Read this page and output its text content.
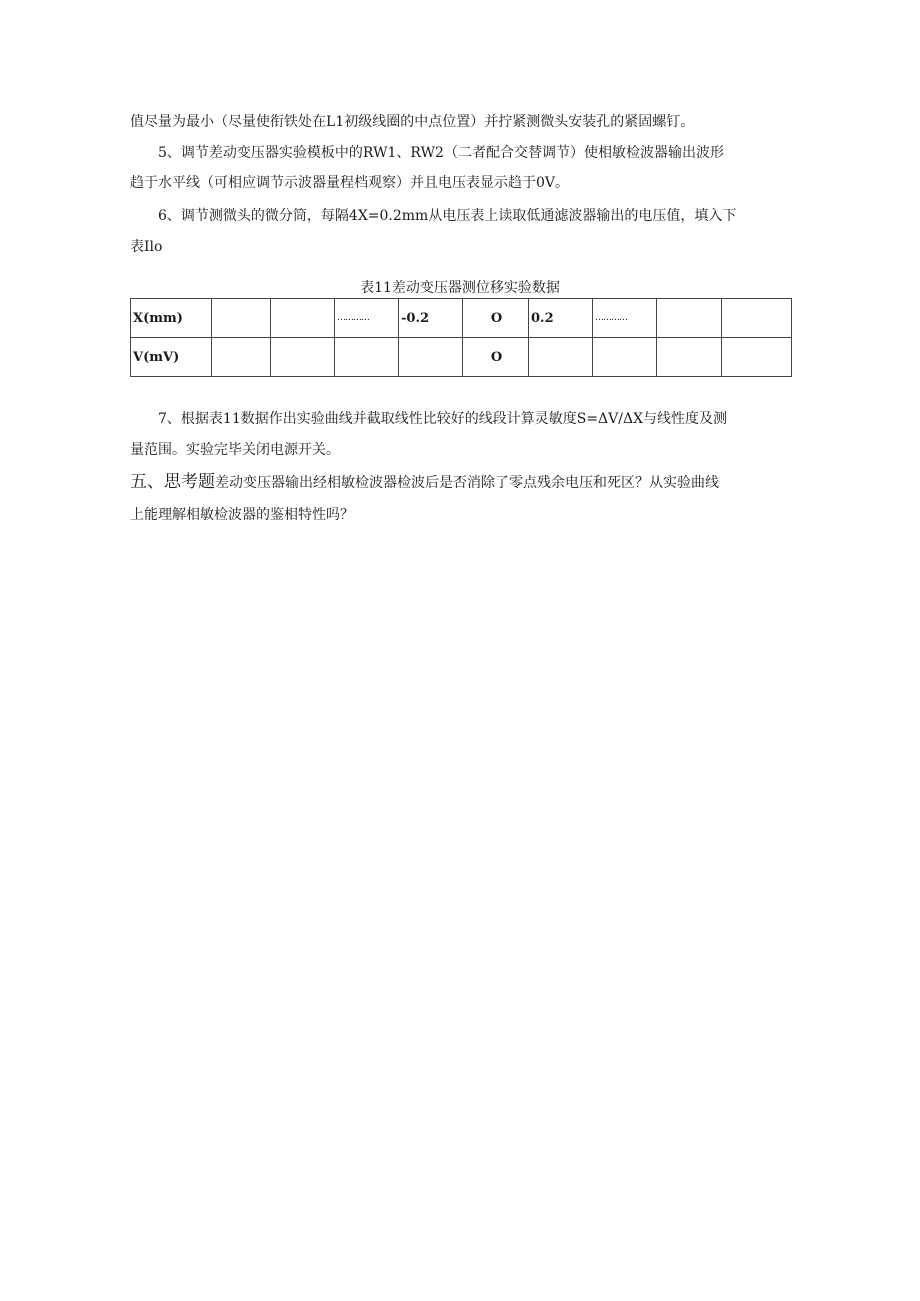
值尽量为最小（尽量使衔铁处在L1初级线圈的中点位置）并拧紧测微头安装孔的紧固螺钉。
5、调节差动变压器实验模板中的RW1、RW2（二者配合交替调节）使相敏检波器输出波形
趋于水平线（可相应调节示波器量程档观察）并且电压表显示趋于0V。
6、调节测微头的微分筒，每隔4X=0.2mm从电压表上读取低通滤波器输出的电压值，填入下
表Ilo
表11差动变压器测位移实验数据
X(mm)			…………	-0.2	O	0.2	…………		
V(mV)					O				
7、根据表11数据作出实验曲线并截取线性比较好的线段计算灵敏度S=ΔV/ΔX与线性度及测
量范围。实验完毕关闭电源开关。
五、思考题差动变压器输出经相敏检波器检波后是否消除了零点残余电压和死区？从实验曲线
上能理解相敏检波器的鉴相特性吗？
